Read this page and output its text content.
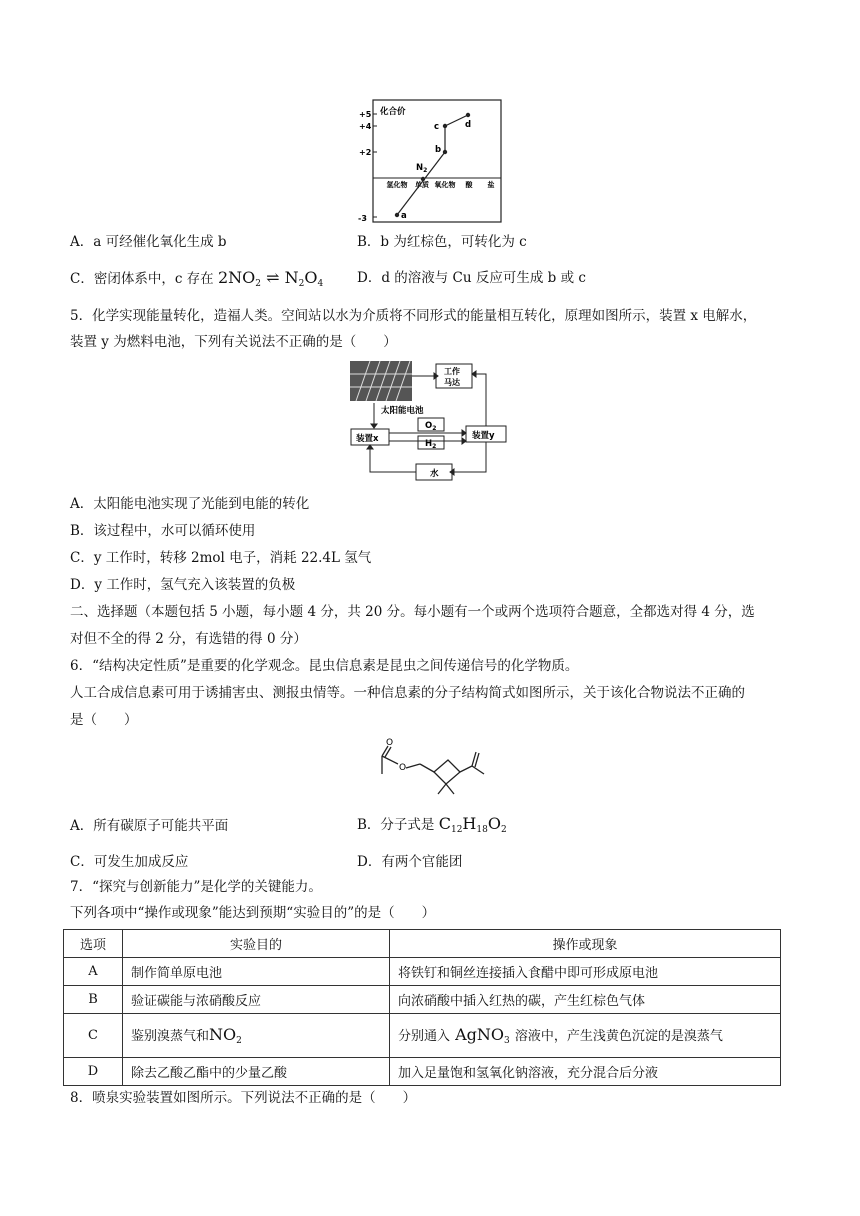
化合价
+5
+4
+2
-3
氢化物 单质 氧化物 酸 盐
a
$N_2$
b
c	d
A．a 可经催化氧化生成 b	B．b 为红棕色，可转化为 c
C．密闭体系中，c 存在 $2NO_2$ ⇌ $N_2O_4$	D．d 的溶液与 Cu 反应可生成 b 或 c
5．化学实现能量转化，造福人类。空间站以水为介质将不同形式的能量相互转化，原理如图所示，装置 x 电解水，
装置 y 为燃料电池，下列有关说法不正确的是（　　）
太阳能电池
工作
马达
装置x	装置y
$O_2$
$H_2$
水
A．太阳能电池实现了光能到电能的转化
B．该过程中，水可以循环使用
C．y 工作时，转移 2mol 电子，消耗 22.4L 氢气
D．y 工作时，氢气充入该装置的负极
二、选择题（本题包括 5 小题，每小题 4 分，共 20 分。每小题有一个或两个选项符合题意，全都选对得 4 分，选
对但不全的得 2 分，有选错的得 0 分）
6．“结构决定性质”是重要的化学观念。昆虫信息素是昆虫之间传递信号的化学物质。
人工合成信息素可用于诱捕害虫、测报虫情等。一种信息素的分子结构简式如图所示，关于该化合物说法不正确的
是（　　）
O
O
A．所有碳原子可能共平面	B．分子式是 $C_{12}H_{18}O_2$
C．可发生加成反应	D．有两个官能团
7．“探究与创新能力”是化学的关键能力。
下列各项中“操作或现象”能达到预期“实验目的”的是（　　）
选项	实验目的	操作或现象
A	制作简单原电池	将铁钉和铜丝连接插入食醋中即可形成原电池
B	验证碳能与浓硝酸反应	向浓硝酸中插入红热的碳，产生红棕色气体
C	鉴别溴蒸气和$NO_2$	分别通入 AgNO$_3$ 溶液中，产生浅黄色沉淀的是溴蒸气
D	除去乙酸乙酯中的少量乙酸	加入足量饱和氢氧化钠溶液，充分混合后分液
8．喷泉实验装置如图所示。下列说法不正确的是（　　）
